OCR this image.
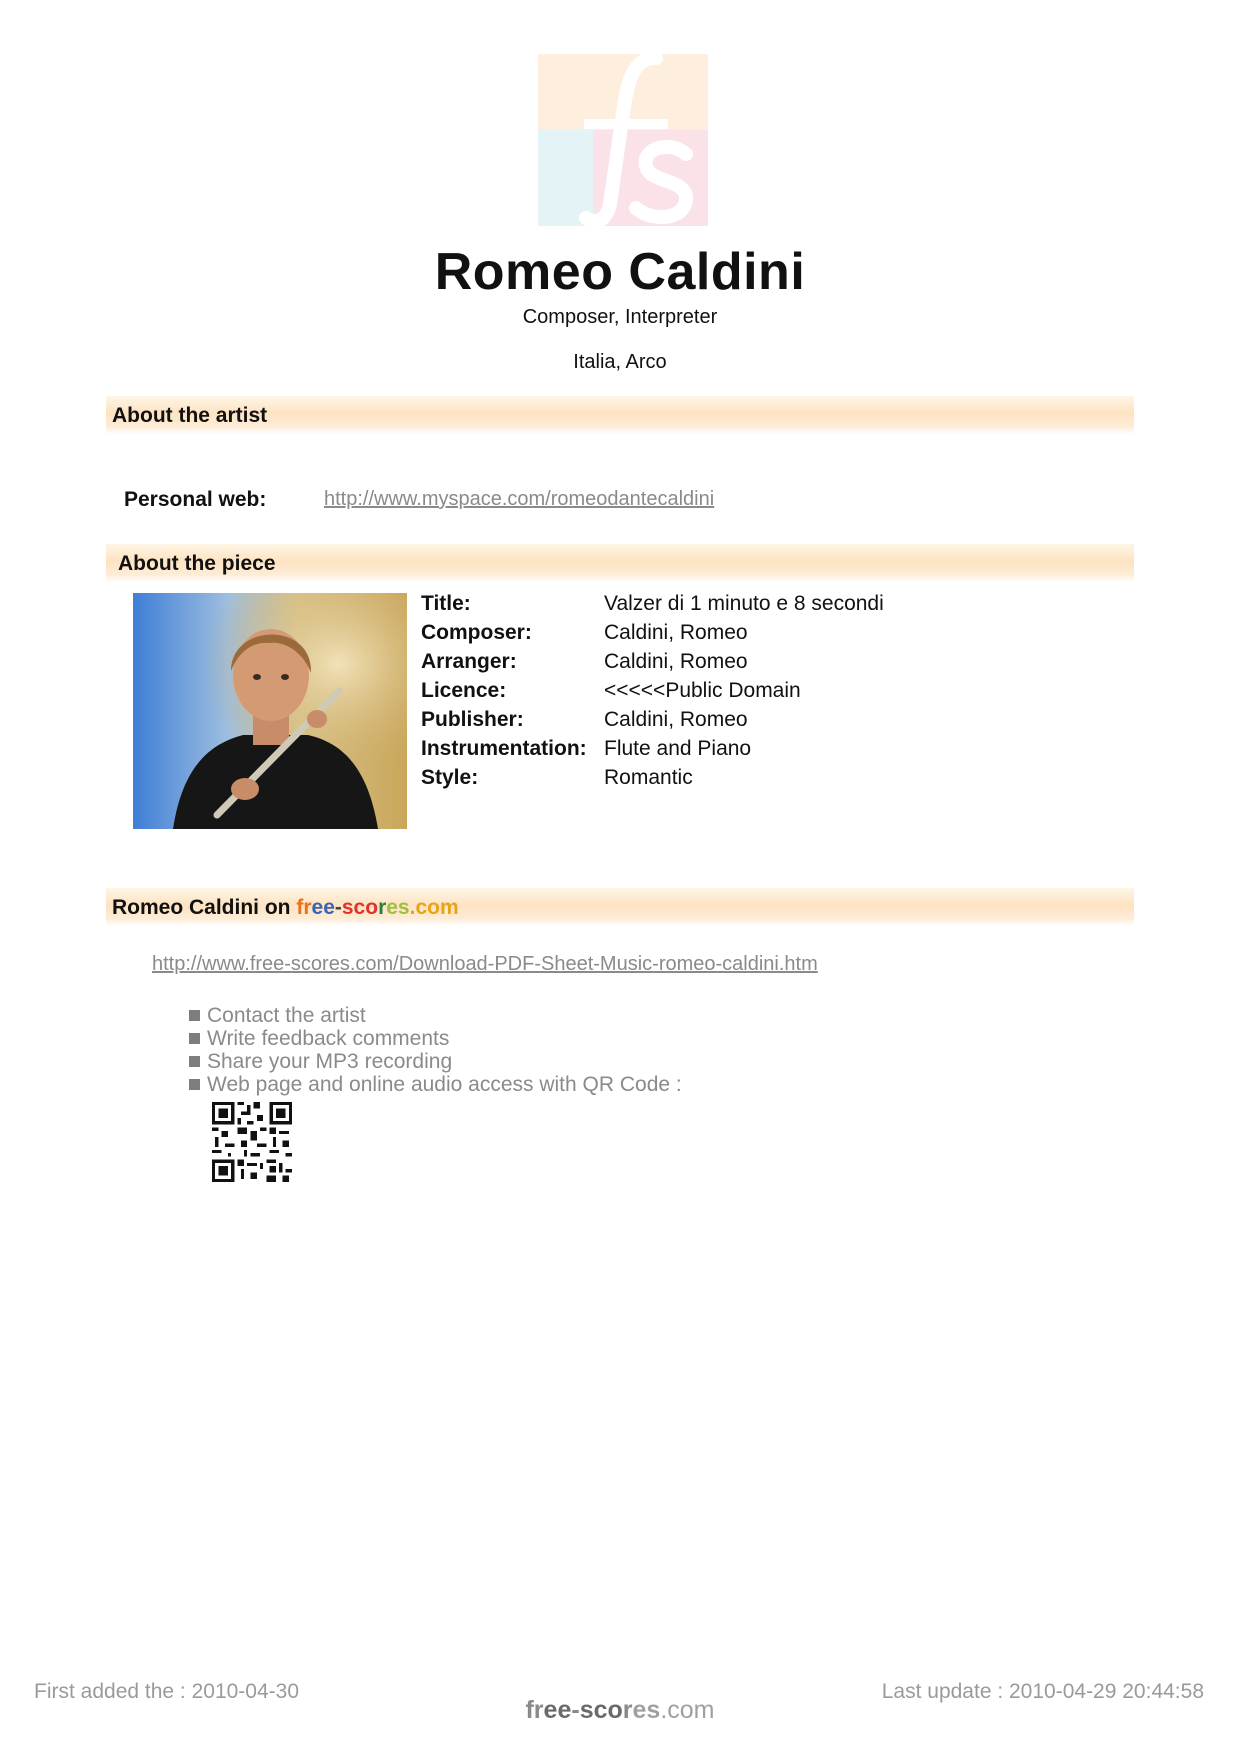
Romeo Caldini
Composer, Interpreter
Italia, Arco
About the artist
Personal web:	http://www.myspace.com/romeodantecaldini
About the piece
Title:	Valzer di 1 minuto e 8 secondi
Composer:	Caldini, Romeo
Arranger:	Caldini, Romeo
Licence:	<<<<<Public Domain
Publisher:	Caldini, Romeo
Instrumentation: Flute and Piano
Style:	Romantic
Romeo Caldini on free-scores.com
http://www.free-scores.com/Download-PDF-Sheet-Music-romeo-caldini.htm
Contact the artist
Write feedback comments
Share your MP3 recording
Web page and online audio access with QR Code :
First added the : 2010-04-30	Last update : 2010-04-29 20:44:58
free-scores.com
